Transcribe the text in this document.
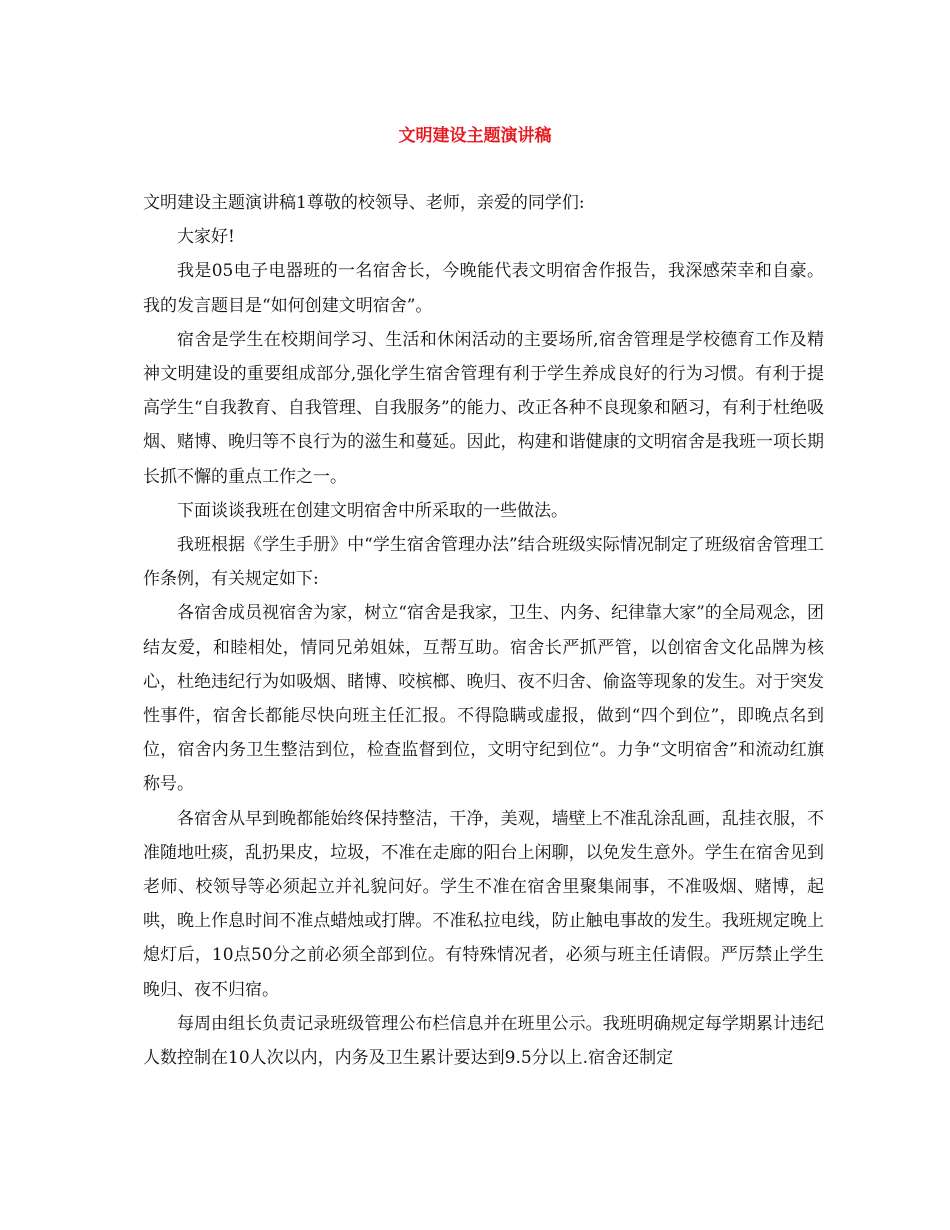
文明建设主题演讲稿

文明建设主题演讲稿1尊敬的校领导、老师，亲爱的同学们:

大家好!

我是05电子电器班的一名宿舍长，今晚能代表文明宿舍作报告，我深感荣幸和自豪。我的发言题目是“如何创建文明宿舍”。

宿舍是学生在校期间学习、生活和休闲活动的主要场所,宿舍管理是学校德育工作及精神文明建设的重要组成部分,强化学生宿舍管理有利于学生养成良好的行为习惯。有利于提高学生“自我教育、自我管理、自我服务”的能力、改正各种不良现象和陋习，有利于杜绝吸烟、赌博、晚归等不良行为的滋生和蔓延。因此，构建和谐健康的文明宿舍是我班一项长期长抓不懈的重点工作之一。

下面谈谈我班在创建文明宿舍中所采取的一些做法。

我班根据《学生手册》中“学生宿舍管理办法”结合班级实际情况制定了班级宿舍管理工作条例，有关规定如下:

各宿舍成员视宿舍为家，树立“宿舍是我家，卫生、内务、纪律靠大家”的全局观念，团结友爱，和睦相处，情同兄弟姐妹，互帮互助。宿舍长严抓严管，以创宿舍文化品牌为核心，杜绝违纪行为如吸烟、睹博、咬槟榔、晚归、夜不归舍、偷盗等现象的发生。对于突发性事件，宿舍长都能尽快向班主任汇报。不得隐瞒或虚报，做到“四个到位”，即晚点名到位，宿舍内务卫生整洁到位，检查监督到位，文明守纪到位“。力争“文明宿舍”和流动红旗称号。

各宿舍从早到晚都能始终保持整洁，干净，美观，墙壁上不准乱涂乱画，乱挂衣服，不准随地吐痰，乱扔果皮，垃圾，不准在走廊的阳台上闲聊，以免发生意外。学生在宿舍见到老师、校领导等必须起立并礼貌问好。学生不准在宿舍里聚集闹事，不准吸烟、赌博，起哄，晚上作息时间不准点蜡烛或打牌。不准私拉电线，防止触电事故的发生。我班规定晚上熄灯后，10点50分之前必须全部到位。有特殊情况者，必须与班主任请假。严厉禁止学生晚归、夜不归宿。

每周由组长负责记录班级管理公布栏信息并在班里公示。我班明确规定每学期累计违纪人数控制在10人次以内，内务及卫生累计要达到9.5分以上.宿舍还制定
